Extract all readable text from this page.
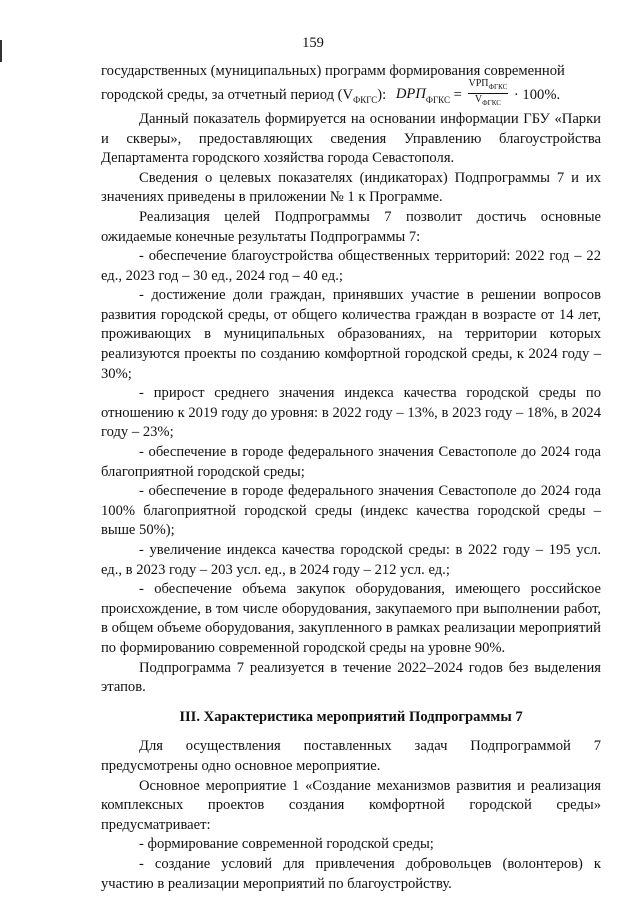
159

государственных (муниципальных) программ формирования современной

городской среды, за отчетный период $(V_{ФКГС})$: $DРП_{ФГКС} = \frac{VРП_{ФГКС}}{V_{ФГКС}} \cdot 100\%$.

Данный показатель формируется на основании информации ГБУ «Парки и скверы», предоставляющих сведения Управлению благоустройства Департамента городского хозяйства города Севастополя.

Сведения о целевых показателях (индикаторах) Подпрограммы 7 и их значениях приведены в приложении № 1 к Программе.

Реализация целей Подпрограммы 7 позволит достичь основные ожидаемые конечные результаты Подпрограммы 7:

- обеспечение благоустройства общественных территорий: 2022 год – 22 ед., 2023 год – 30 ед., 2024 год – 40 ед.;

- достижение доли граждан, принявших участие в решении вопросов развития городской среды, от общего количества граждан в возрасте от 14 лет, проживающих в муниципальных образованиях, на территории которых реализуются проекты по созданию комфортной городской среды, к 2024 году – 30%;

- прирост среднего значения индекса качества городской среды по отношению к 2019 году до уровня: в 2022 году – 13%, в 2023 году – 18%, в 2024 году – 23%;

- обеспечение в городе федерального значения Севастополе до 2024 года благоприятной городской среды;

- обеспечение в городе федерального значения Севастополе до 2024 года 100% благоприятной городской среды (индекс качества городской среды – выше 50%);

- увеличение индекса качества городской среды: в 2022 году – 195 усл. ед., в 2023 году – 203 усл. ед., в 2024 году – 212 усл. ед.;

- обеспечение объема закупок оборудования, имеющего российское происхождение, в том числе оборудования, закупаемого при выполнении работ, в общем объеме оборудования, закупленного в рамках реализации мероприятий по формированию современной городской среды на уровне 90%.

Подпрограмма 7 реализуется в течение 2022–2024 годов без выделения этапов.

III. Характеристика мероприятий Подпрограммы 7

Для осуществления поставленных задач Подпрограммой 7 предусмотрены одно основное мероприятие.

Основное мероприятие 1 «Создание механизмов развития и реализация комплексных проектов создания комфортной городской среды» предусматривает:

- формирование современной городской среды;

- создание условий для привлечения добровольцев (волонтеров) к участию в реализации мероприятий по благоустройству.
